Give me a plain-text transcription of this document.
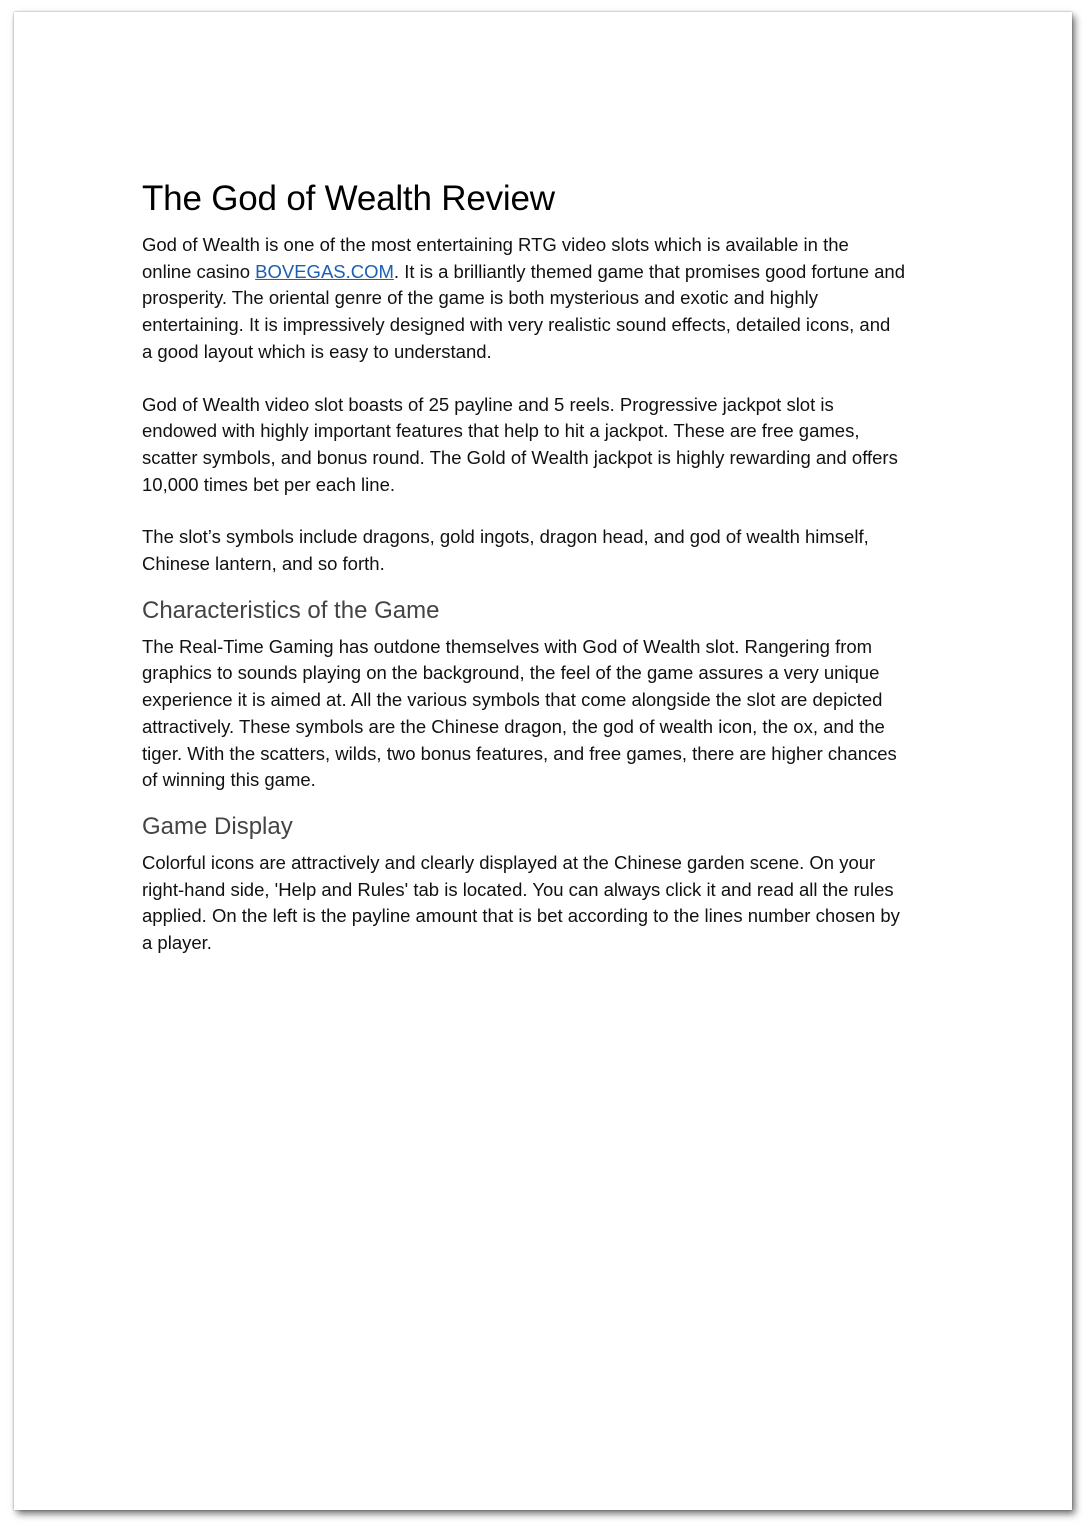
The God of Wealth Review

God of Wealth is one of the most entertaining RTG video slots which is available in the

online casino BOVEGAS.COM. It is a brilliantly themed game that promises good fortune and

prosperity. The oriental genre of the game is both mysterious and exotic and highly

entertaining. It is impressively designed with very realistic sound effects, detailed icons, and

a good layout which is easy to understand.

God of Wealth video slot boasts of 25 payline and 5 reels. Progressive jackpot slot is

endowed with highly important features that help to hit a jackpot. These are free games,

scatter symbols, and bonus round. The Gold of Wealth jackpot is highly rewarding and offers

10,000 times bet per each line.

The slot’s symbols include dragons, gold ingots, dragon head, and god of wealth himself,

Chinese lantern, and so forth.

Characteristics of the Game

The Real-Time Gaming has outdone themselves with God of Wealth slot. Rangering from

graphics to sounds playing on the background, the feel of the game assures a very unique

experience it is aimed at. All the various symbols that come alongside the slot are depicted

attractively. These symbols are the Chinese dragon, the god of wealth icon, the ox, and the

tiger. With the scatters, wilds, two bonus features, and free games, there are higher chances

of winning this game.

Game Display

Colorful icons are attractively and clearly displayed at the Chinese garden scene. On your

right-hand side, 'Help and Rules' tab is located. You can always click it and read all the rules

applied. On the left is the payline amount that is bet according to the lines number chosen by

a player.
